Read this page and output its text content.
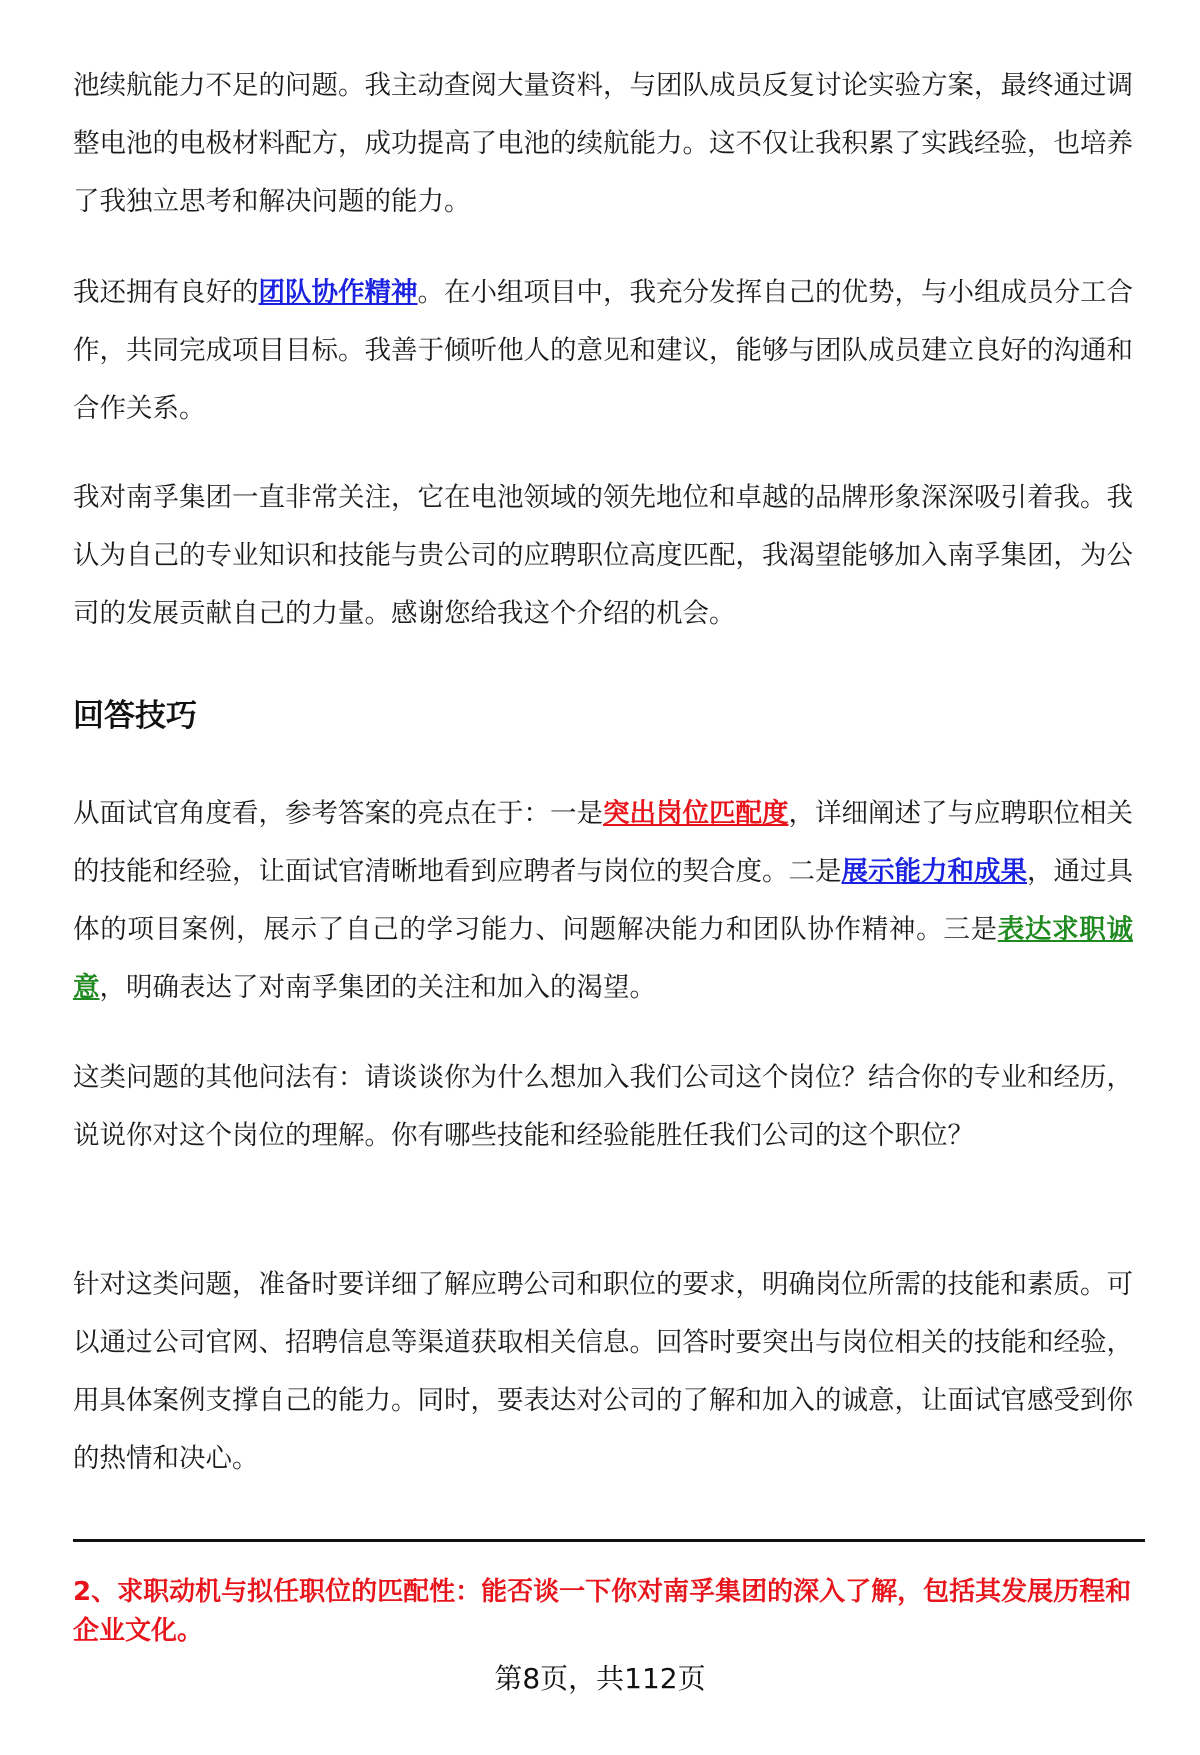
池续航能力不足的问题。我主动查阅大量资料，与团队成员反复讨论实验方案，最终通过调整电池的电极材料配方，成功提高了电池的续航能力。这不仅让我积累了实践经验，也培养了我独立思考和解决问题的能力。
我还拥有良好的团队协作精神。在小组项目中，我充分发挥自己的优势，与小组成员分工合作，共同完成项目目标。我善于倾听他人的意见和建议，能够与团队成员建立良好的沟通和合作关系。
我对南孚集团一直非常关注，它在电池领域的领先地位和卓越的品牌形象深深吸引着我。我认为自己的专业知识和技能与贵公司的应聘职位高度匹配，我渴望能够加入南孚集团，为公司的发展贡献自己的力量。感谢您给我这个介绍的机会。
回答技巧
从面试官角度看，参考答案的亮点在于：一是突出岗位匹配度，详细阐述了与应聘职位相关的技能和经验，让面试官清晰地看到应聘者与岗位的契合度。二是展示能力和成果，通过具体的项目案例，展示了自己的学习能力、问题解决能力和团队协作精神。三是表达求职诚意，明确表达了对南孚集团的关注和加入的渴望。
这类问题的其他问法有：请谈谈你为什么想加入我们公司这个岗位？结合你的专业和经历，说说你对这个岗位的理解。你有哪些技能和经验能胜任我们公司的这个职位？
针对这类问题，准备时要详细了解应聘公司和职位的要求，明确岗位所需的技能和素质。可以通过公司官网、招聘信息等渠道获取相关信息。回答时要突出与岗位相关的技能和经验，用具体案例支撑自己的能力。同时，要表达对公司的了解和加入的诚意，让面试官感受到你的热情和决心。
2、求职动机与拟任职位的匹配性：能否谈一下你对南孚集团的深入了解，包括其发展历程和企业文化。
第8页，共112页
